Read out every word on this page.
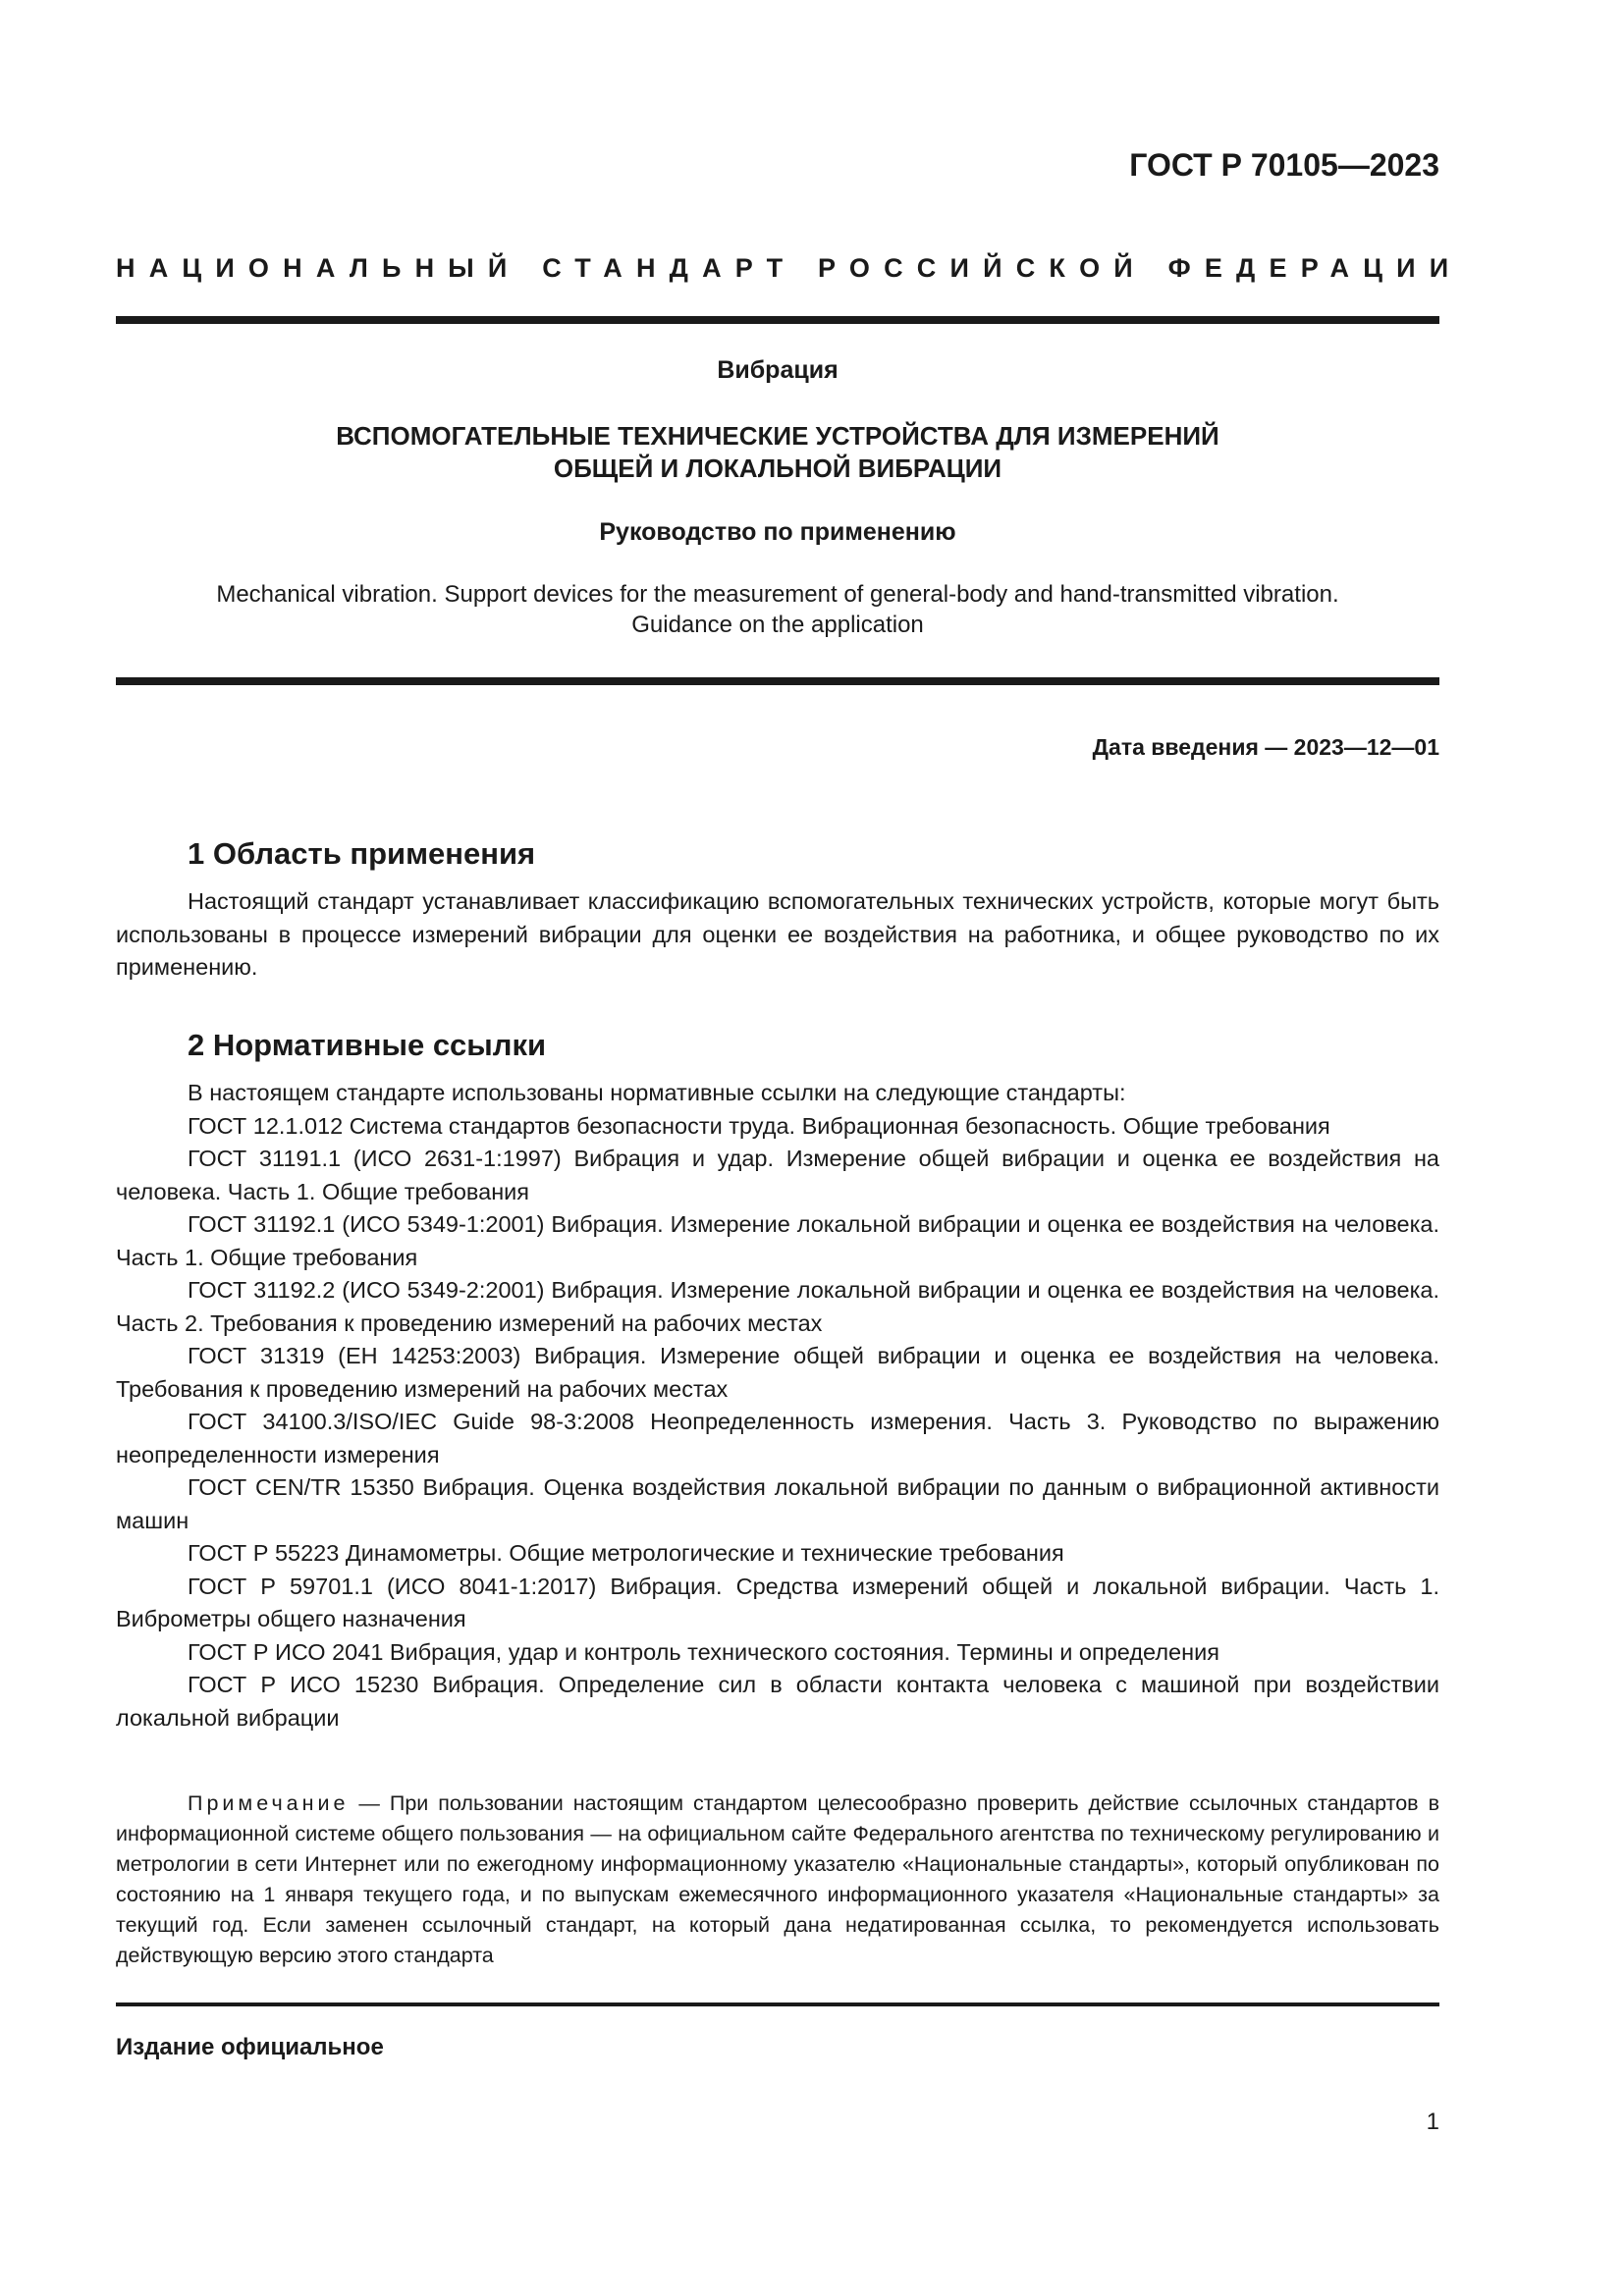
ГОСТ Р 70105—2023
НАЦИОНАЛЬНЫЙ СТАНДАРТ РОССИЙСКОЙ ФЕДЕРАЦИИ
Вибрация
ВСПОМОГАТЕЛЬНЫЕ ТЕХНИЧЕСКИЕ УСТРОЙСТВА ДЛЯ ИЗМЕРЕНИЙ
ОБЩЕЙ И ЛОКАЛЬНОЙ ВИБРАЦИИ
Руководство по применению
Mechanical vibration. Support devices for the measurement of general-body and hand-transmitted vibration.
Guidance on the application
Дата введения — 2023—12—01
1 Область применения

Настоящий стандарт устанавливает классификацию вспомогательных технических устройств, которые могут быть использованы в процессе измерений вибрации для оценки ее воздействия на работника, и общее руководство по их применению.

2 Нормативные ссылки

В настоящем стандарте использованы нормативные ссылки на следующие стандарты:

ГОСТ 12.1.012 Система стандартов безопасности труда. Вибрационная безопасность. Общие требования

ГОСТ 31191.1 (ИСО 2631-1:1997) Вибрация и удар. Измерение общей вибрации и оценка ее воздействия на человека. Часть 1. Общие требования

ГОСТ 31192.1 (ИСО 5349-1:2001) Вибрация. Измерение локальной вибрации и оценка ее воздействия на человека. Часть 1. Общие требования

ГОСТ 31192.2 (ИСО 5349-2:2001) Вибрация. Измерение локальной вибрации и оценка ее воздействия на человека. Часть 2. Требования к проведению измерений на рабочих местах

ГОСТ 31319 (ЕН 14253:2003) Вибрация. Измерение общей вибрации и оценка ее воздействия на человека. Требования к проведению измерений на рабочих местах

ГОСТ 34100.3/ISO/IEC Guide 98-3:2008 Неопределенность измерения. Часть 3. Руководство по выражению неопределенности измерения

ГОСТ CEN/TR 15350 Вибрация. Оценка воздействия локальной вибрации по данным о вибрационной активности машин

ГОСТ Р 55223 Динамометры. Общие метрологические и технические требования

ГОСТ Р 59701.1 (ИСО 8041-1:2017) Вибрация. Средства измерений общей и локальной вибрации. Часть 1. Виброметры общего назначения

ГОСТ Р ИСО 2041 Вибрация, удар и контроль технического состояния. Термины и определения

ГОСТ Р ИСО 15230 Вибрация. Определение сил в области контакта человека с машиной при воздействии локальной вибрации

Примечание — При пользовании настоящим стандартом целесообразно проверить действие ссылочных стандартов в информационной системе общего пользования — на официальном сайте Федерального агентства по техническому регулированию и метрологии в сети Интернет или по ежегодному информационному указателю «Национальные стандарты», который опубликован по состоянию на 1 января текущего года, и по выпускам ежемесячного информационного указателя «Национальные стандарты» за текущий год. Если заменен ссылочный стандарт, на который дана недатированная ссылка, то рекомендуется использовать действующую версию этого стандарта
Издание официальное
1
